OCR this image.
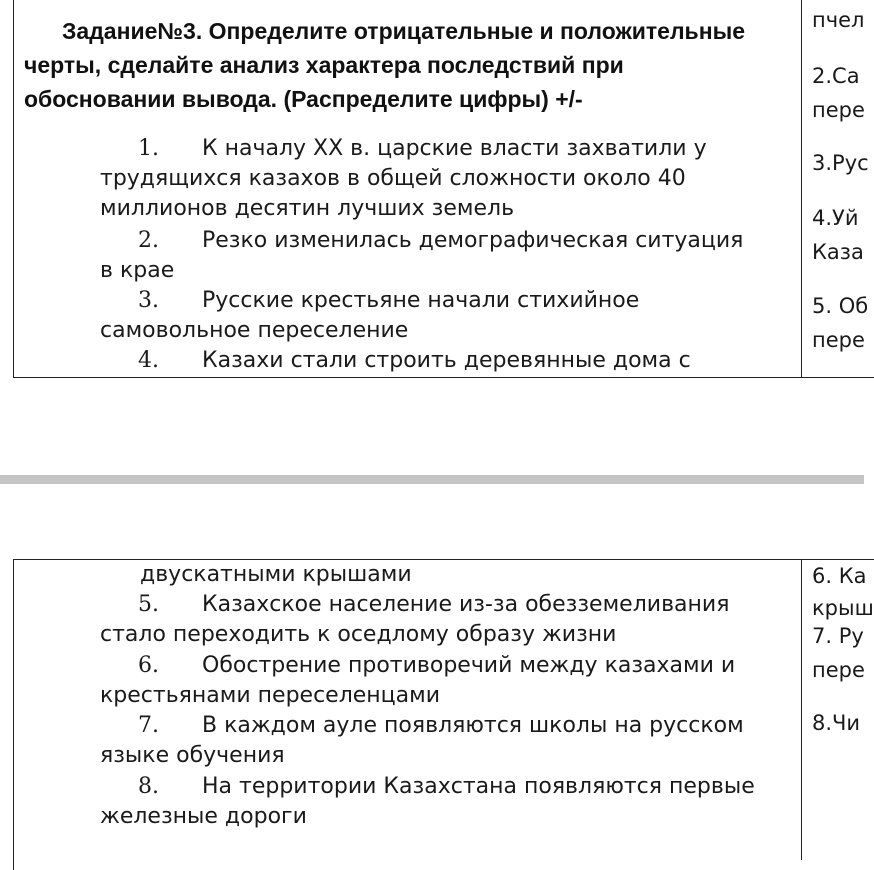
Задание№3. Определите отрицательные и положительные
черты, сделайте анализ характера последствий при
обосновании вывода. (Распределите цифры) +/-
1. К началу XX в. царские власти захватили у
трудящихся казахов в общей сложности около 40
миллионов десятин лучших земель
2. Резко изменилась демографическая ситуация
в крае
3. Русские крестьяне начали стихийное
самовольное переселение
4. Казахи стали строить деревянные дома с
пчел
2.Са
пере
3.Рус
4.Уй
Каза
5. Об
пере
двускатными крышами
5. Казахское население из-за обезземеливания
стало переходить к оседлому образу жизни
6. Обострение противоречий между казахами и
крестьянами переселенцами
7. В каждом ауле появляются школы на русском
языке обучения
8. На территории Казахстана появляются первые
железные дороги
6. Ка
крыш
7. Ру
пере
8.Чи
